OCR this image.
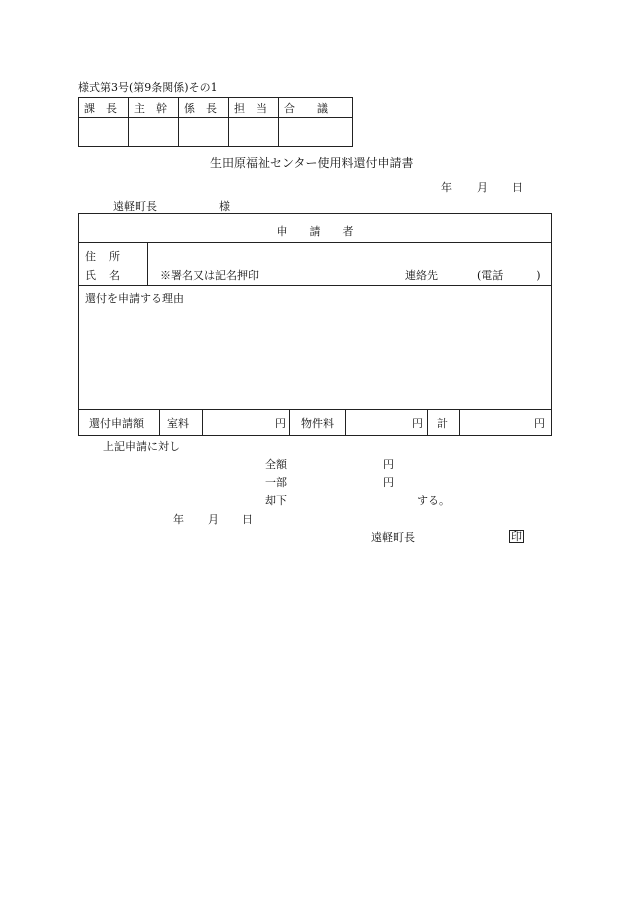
様式第3号(第9条関係)その1
課　長	主　幹	係　長	担　当	合　　議

生田原福祉センター使用料還付申請書
年 月 日
遠軽町長	様
申　　請　　者
住　所
氏　名	※署名又は記名押印	連絡先	(電話　　　)
還付を申請する理由
還付申請額 室料	円 物件料	円 計	円
上記申請に対し
全額	円
一部	円
却下	する。
年 月 日
遠軽町長	印
